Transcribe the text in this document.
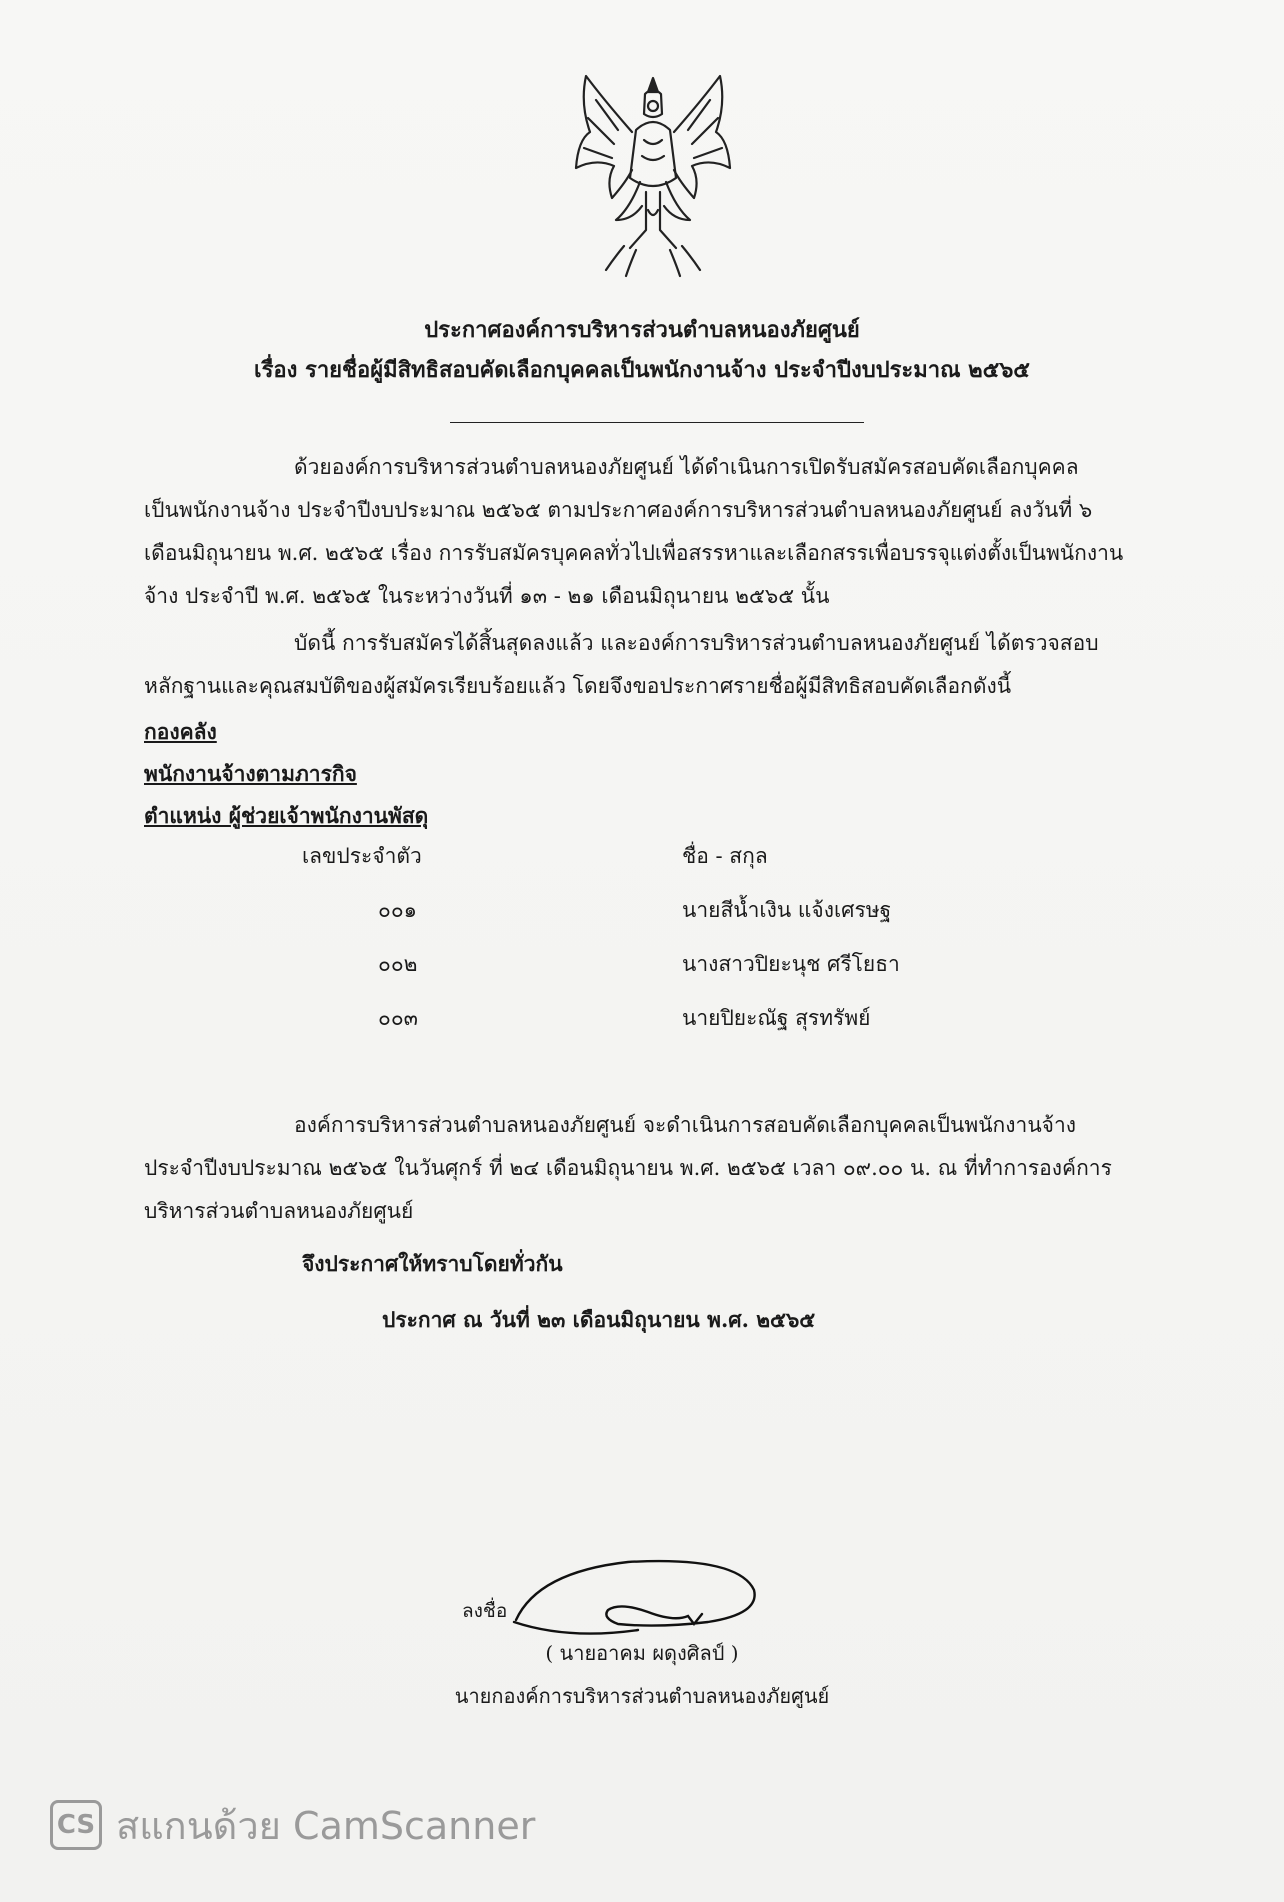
ประกาศองค์การบริหารส่วนตำบลหนองภัยศูนย์
เรื่อง รายชื่อผู้มีสิทธิสอบคัดเลือกบุคคลเป็นพนักงานจ้าง ประจำปีงบประมาณ ๒๕๖๕
ด้วยองค์การบริหารส่วนตำบลหนองภัยศูนย์ ได้ดำเนินการเปิดรับสมัครสอบคัดเลือกบุคคล
เป็นพนักงานจ้าง ประจำปีงบประมาณ ๒๕๖๕ ตามประกาศองค์การบริหารส่วนตำบลหนองภัยศูนย์ ลงวันที่ ๖
เดือนมิถุนายน พ.ศ. ๒๕๖๕ เรื่อง การรับสมัครบุคคลทั่วไปเพื่อสรรหาและเลือกสรรเพื่อบรรจุแต่งตั้งเป็นพนักงาน
จ้าง ประจำปี พ.ศ. ๒๕๖๕ ในระหว่างวันที่ ๑๓ - ๒๑ เดือนมิถุนายน ๒๕๖๕ นั้น
บัดนี้ การรับสมัครได้สิ้นสุดลงแล้ว และองค์การบริหารส่วนตำบลหนองภัยศูนย์ ได้ตรวจสอบ
หลักฐานและคุณสมบัติของผู้สมัครเรียบร้อยแล้ว โดยจึงขอประกาศรายชื่อผู้มีสิทธิสอบคัดเลือกดังนี้
กองคลัง
พนักงานจ้างตามภารกิจ
ตำแหน่ง ผู้ช่วยเจ้าพนักงานพัสดุ
เลขประจำตัว	ชื่อ - สกุล
๐๐๑	นายสีน้ำเงิน แจ้งเศรษฐ
๐๐๒	นางสาวปิยะนุช ศรีโยธา
๐๐๓	นายปิยะณัฐ สุรทรัพย์
องค์การบริหารส่วนตำบลหนองภัยศูนย์ จะดำเนินการสอบคัดเลือกบุคคลเป็นพนักงานจ้าง
ประจำปีงบประมาณ ๒๕๖๕ ในวันศุกร์ ที่ ๒๔ เดือนมิถุนายน พ.ศ. ๒๕๖๕ เวลา ๐๙.๐๐ น. ณ ที่ทำการองค์การ
บริหารส่วนตำบลหนองภัยศูนย์
จึงประกาศให้ทราบโดยทั่วกัน
ประกาศ ณ วันที่ ๒๓ เดือนมิถุนายน พ.ศ. ๒๕๖๕
ลงชื่อ
( นายอาคม ผดุงศิลป์ )
นายกองค์การบริหารส่วนตำบลหนองภัยศูนย์
CS สแกนด้วย CamScanner
